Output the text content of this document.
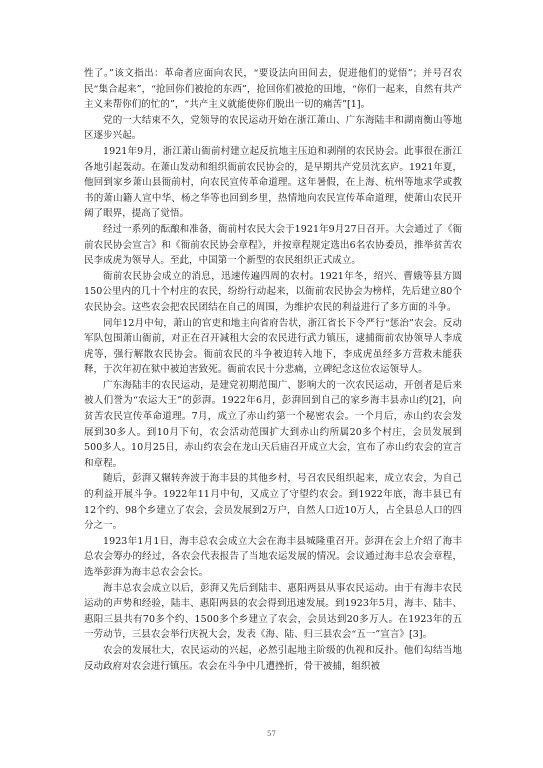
性了。”该文指出：革命者应面向农民，“要设法向田间去，促进他们的觉悟”；并号召农民“集合起来”，“抢回你们被抢的东西”，抢回你们被抢的田地，“你们一起来，自然有共产主义来帮你们的忙的”，“共产主义就能使你们脱出一切的痛苦”[1]。

党的一大结束不久，党领导的农民运动开始在浙江萧山、广东海陆丰和湖南衡山等地区逐步兴起。

1921年9月，浙江萧山衙前村建立起反抗地主压迫和剥削的农民协会。此事很在浙江各地引起轰动。在萧山发动和组织衙前农民协会的，是早期共产党员沈玄庐。1921年夏，他回到家乡萧山县衙前村，向农民宣传革命道理。这年暑假，在上海、杭州等地求学或教书的萧山籍人宣中华、杨之华等也回到乡里，热情地向农民宣传革命道理，使萧山农民开阔了眼界，提高了觉悟。

经过一系列的酝酿和准备，衙前村农民大会于1921年9月27日召开。大会通过了《衙前农民协会宣言》和《衙前农民协会章程》，并按章程规定选出6名农协委员，推举贫苦农民李成虎为领导人。至此，中国第一个新型的农民组织正式成立。

衙前农民协会成立的消息，迅速传遍四周的农村。1921年冬，绍兴、曹娥等县方圆150公里内的几十个村庄的农民，纷纷行动起来，以衙前农民协会为榜样，先后建立80个农民协会。这些农会把农民团结在自己的周围，为维护农民的利益进行了多方面的斗争。

同年12月中旬，萧山的官吏和地主向省府告状，浙江省长下令严行“惩治”农会。反动军队包围萧山衙前，对正在召开减租大会的农民进行武力镇压，逮捕衙前农协领导人李成虎等，强行解散农民协会。衙前农民的斗争被迫转入地下，李成虎虽经多方营救未能获释，于次年初在狱中被迫害致死。衙前农民十分悲痛，立碑纪念这位农运领导人。

广东海陆丰的农民运动，是建党初期范围广、影响大的一次农民运动，开创者是后来被人们誉为“农运大王”的彭湃。1922年6月，彭湃回到自己的家乡海丰县赤山约[2]，向贫苦农民宣传革命道理。7月，成立了赤山约第一个秘密农会。一个月后，赤山约农会发展到30多人。到10月下旬，农会活动范围扩大到赤山约所属20多个村庄，会员发展到500多人。10月25日，赤山约农会在龙山天后庙召开成立大会，宣布了赤山约农会的宣言和章程。

随后，彭湃又辗转奔波于海丰县的其他乡村，号召农民组织起来，成立农会，为自己的利益开展斗争。1922年11月中旬，又成立了守望约农会。到1922年底，海丰县已有12个约、98个乡建立了农会，会员发展到2万户，自然人口近10万人，占全县总人口的四分之一。

1923年1月1日，海丰总农会成立大会在海丰县城隆重召开。彭湃在会上介绍了海丰总农会筹办的经过，各农会代表报告了当地农运发展的情况。会议通过海丰总农会章程，选举彭湃为海丰总农会会长。

海丰总农会成立以后，彭湃又先后到陆丰、惠阳两县从事农民运动。由于有海丰农民运动的声势和经验，陆丰、惠阳两县的农会得到迅速发展。到1923年5月，海丰、陆丰、惠阳三县共有70多个约、1500多个乡建立了农会，会员达到20多万人。在1923年的五一劳动节，三县农会举行庆祝大会，发表《海、陆、归三县农会“五一”宣言》[3]。

农会的发展壮大，农民运动的兴起，必然引起地主阶级的仇视和反扑。他们勾结当地反动政府对农会进行镇压。农会在斗争中几遭挫折，骨干被捕，组织被

57
